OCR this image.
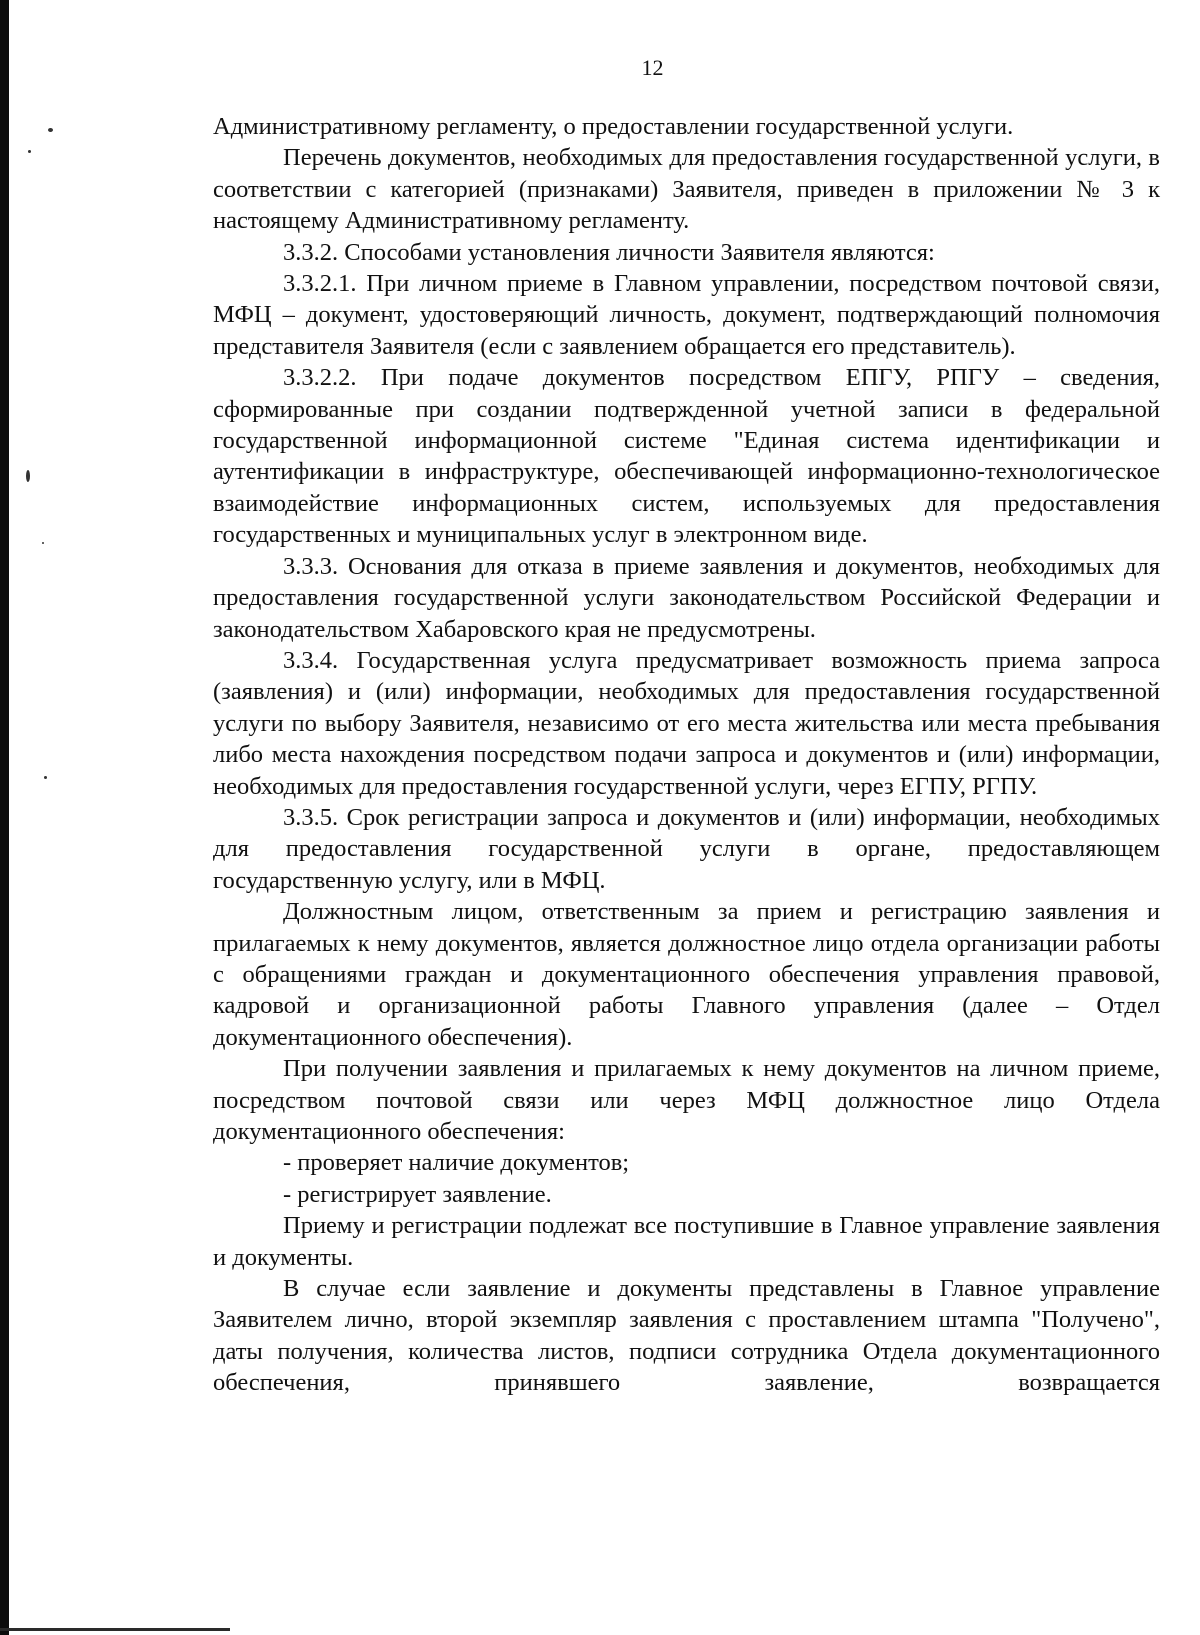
12

Административному регламенту, о предоставлении государственной услуги.

Перечень документов, необходимых для предоставления государственной услуги, в соответствии с категорией (признаками) Заявителя, приведен в приложении № 3 к настоящему Административному регламенту.

3.3.2. Способами установления личности Заявителя являются:

3.3.2.1. При личном приеме в Главном управлении, посредством почтовой связи, МФЦ – документ, удостоверяющий личность, документ, подтверждающий полномочия представителя Заявителя (если с заявлением обращается его представитель).

3.3.2.2. При подаче документов посредством ЕПГУ, РПГУ – сведения, сформированные при создании подтвержденной учетной записи в федеральной государственной информационной системе "Единая система идентификации и аутентификации в инфраструктуре, обеспечивающей информационно-технологическое взаимодействие информационных систем, используемых для предоставления государственных и муниципальных услуг в электронном виде.

3.3.3. Основания для отказа в приеме заявления и документов, необходимых для предоставления государственной услуги законодательством Российской Федерации и законодательством Хабаровского края не предусмотрены.

3.3.4. Государственная услуга предусматривает возможность приема запроса (заявления) и (или) информации, необходимых для предоставления государственной услуги по выбору Заявителя, независимо от его места жительства или места пребывания либо места нахождения посредством подачи запроса и документов и (или) информации, необходимых для предоставления государственной услуги, через ЕГПУ, РГПУ.

3.3.5. Срок регистрации запроса и документов и (или) информации, необходимых для предоставления государственной услуги в органе, предоставляющем государственную услугу, или в МФЦ.

Должностным лицом, ответственным за прием и регистрацию заявления и прилагаемых к нему документов, является должностное лицо отдела организации работы с обращениями граждан и документационного обеспечения управления правовой, кадровой и организационной работы Главного управления (далее – Отдел документационного обеспечения).

При получении заявления и прилагаемых к нему документов на личном приеме, посредством почтовой связи или через МФЦ должностное лицо Отдела документационного обеспечения:

- проверяет наличие документов;

- регистрирует заявление.

Приему и регистрации подлежат все поступившие в Главное управление заявления и документы.

В случае если заявление и документы представлены в Главное управление Заявителем лично, второй экземпляр заявления с проставлением штампа "Получено", даты получения, количества листов, подписи сотрудника Отдела документационного обеспечения, принявшего заявление, возвращается
